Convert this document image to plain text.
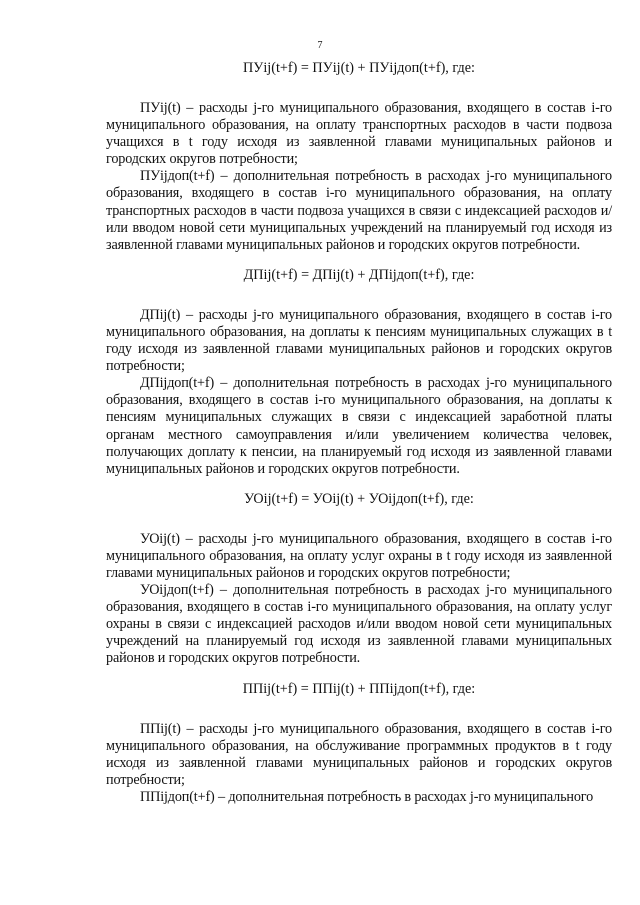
7

ПУij(t+f) = ПУij(t) + ПУijдоп(t+f), где:

ПУij(t) – расходы j-го муниципального образования, входящего в состав i-го муниципального образования, на оплату транспортных расходов в части подвоза учащихся в t году исходя из заявленной главами муниципальных районов и городских округов потребности;

ПУijдоп(t+f) – дополнительная потребность в расходах j-го муниципального образования, входящего в состав i-го муниципального образования, на оплату транспортных расходов в части подвоза учащихся в связи с индексацией расходов и/или вводом новой сети муниципальных учреждений на планируемый год исходя из заявленной главами муниципальных районов и городских округов потребности.

ДПij(t+f) = ДПij(t) + ДПijдоп(t+f), где:

ДПij(t) – расходы j-го муниципального образования, входящего в состав i-го муниципального образования, на доплаты к пенсиям муниципальных служащих в t году исходя из заявленной главами муниципальных районов и городских округов потребности;

ДПijдоп(t+f) – дополнительная потребность в расходах j-го муниципального образования, входящего в состав i-го муниципального образования, на доплаты к пенсиям муниципальных служащих в связи с индексацией заработной платы органам местного самоуправления и/или увеличением количества человек, получающих доплату к пенсии, на планируемый год исходя из заявленной главами муниципальных районов и городских округов потребности.

УОij(t+f) = УОij(t) + УОijдоп(t+f), где:

УОij(t) – расходы j-го муниципального образования, входящего в состав i-го муниципального образования, на оплату услуг охраны в t году исходя из заявленной главами муниципальных районов и городских округов потребности;

УОijдоп(t+f) – дополнительная потребность в расходах j-го муниципального образования, входящего в состав i-го муниципального образования, на оплату услуг охраны в связи с индексацией расходов и/или вводом новой сети муниципальных учреждений на планируемый год исходя из заявленной главами муниципальных районов и городских округов потребности.

ППij(t+f) = ППij(t) + ППijдоп(t+f), где:

ППij(t) – расходы j-го муниципального образования, входящего в состав i-го муниципального образования, на обслуживание программных продуктов в t году исходя из заявленной главами муниципальных районов и городских округов потребности;

ППijдоп(t+f) – дополнительная потребность в расходах j-го муниципального
